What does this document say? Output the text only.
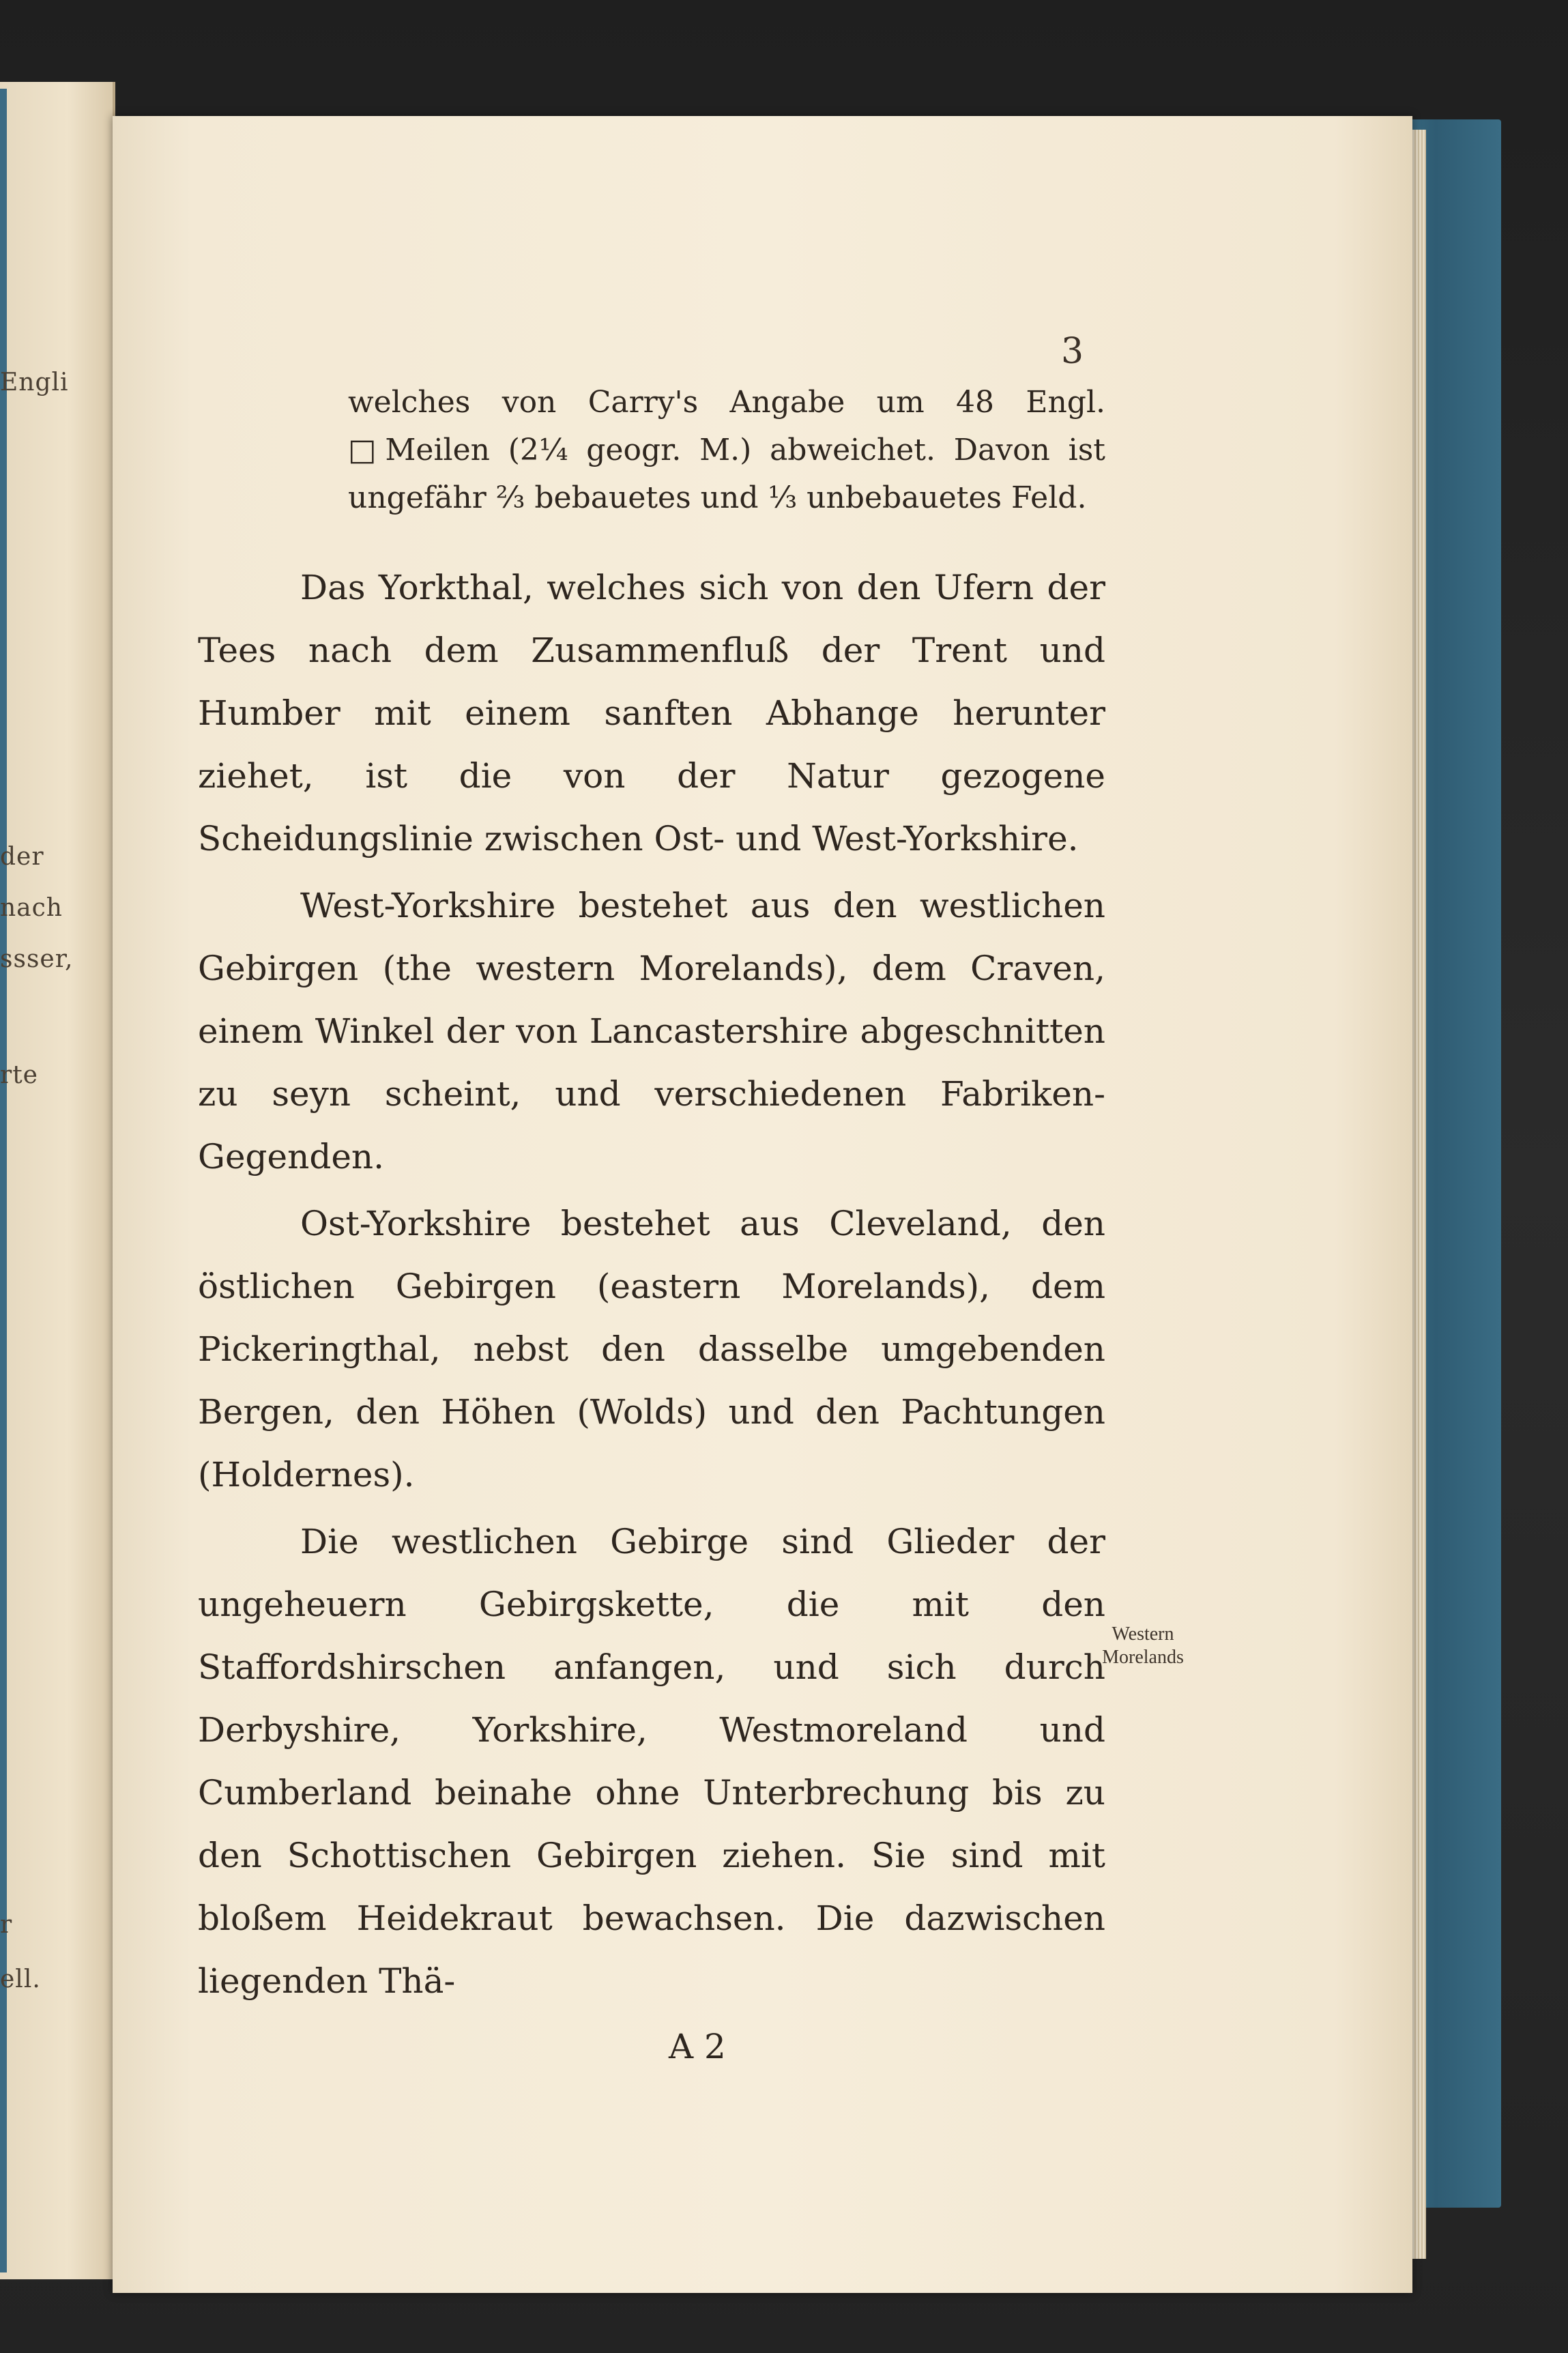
Engli
der
nach
ssser,
rte
r
ell.
3

welches von Carry's Angabe um 48 Engl. □Meilen (2¼ geogr. M.) abweichet. Davon ist ungefähr ⅔ bebauetes und ⅓ unbebauetes Feld.

Das Yorkthal, welches sich von den Ufern der Tees nach dem Zusammenfluß der Trent und Humber mit einem sanften Abhange herunter ziehet, ist die von der Natur gezogene Scheidungslinie zwischen Ost- und West-Yorkshire.

West-Yorkshire bestehet aus den westlichen Gebirgen (the western Morelands), dem Craven, einem Winkel der von Lancastershire abgeschnitten zu seyn scheint, und verschiedenen Fabriken-Gegenden.

Ost-Yorkshire bestehet aus Cleveland, den östlichen Gebirgen (eastern Morelands), dem Pickeringthal, nebst den dasselbe umgebenden Bergen, den Höhen (Wolds) und den Pachtungen (Holdernes).

Die westlichen Gebirge sind Glieder der ungeheuern Gebirgskette, die mit den Staffordshirschen anfangen, und sich durch Derbyshire, Yorkshire, Westmoreland und Cumberland beinahe ohne Unterbrechung bis zu den Schottischen Gebirgen ziehen. Sie sind mit bloßem Heidekraut bewachsen. Die dazwischen liegenden Thä-

Western Morelands
A 2
